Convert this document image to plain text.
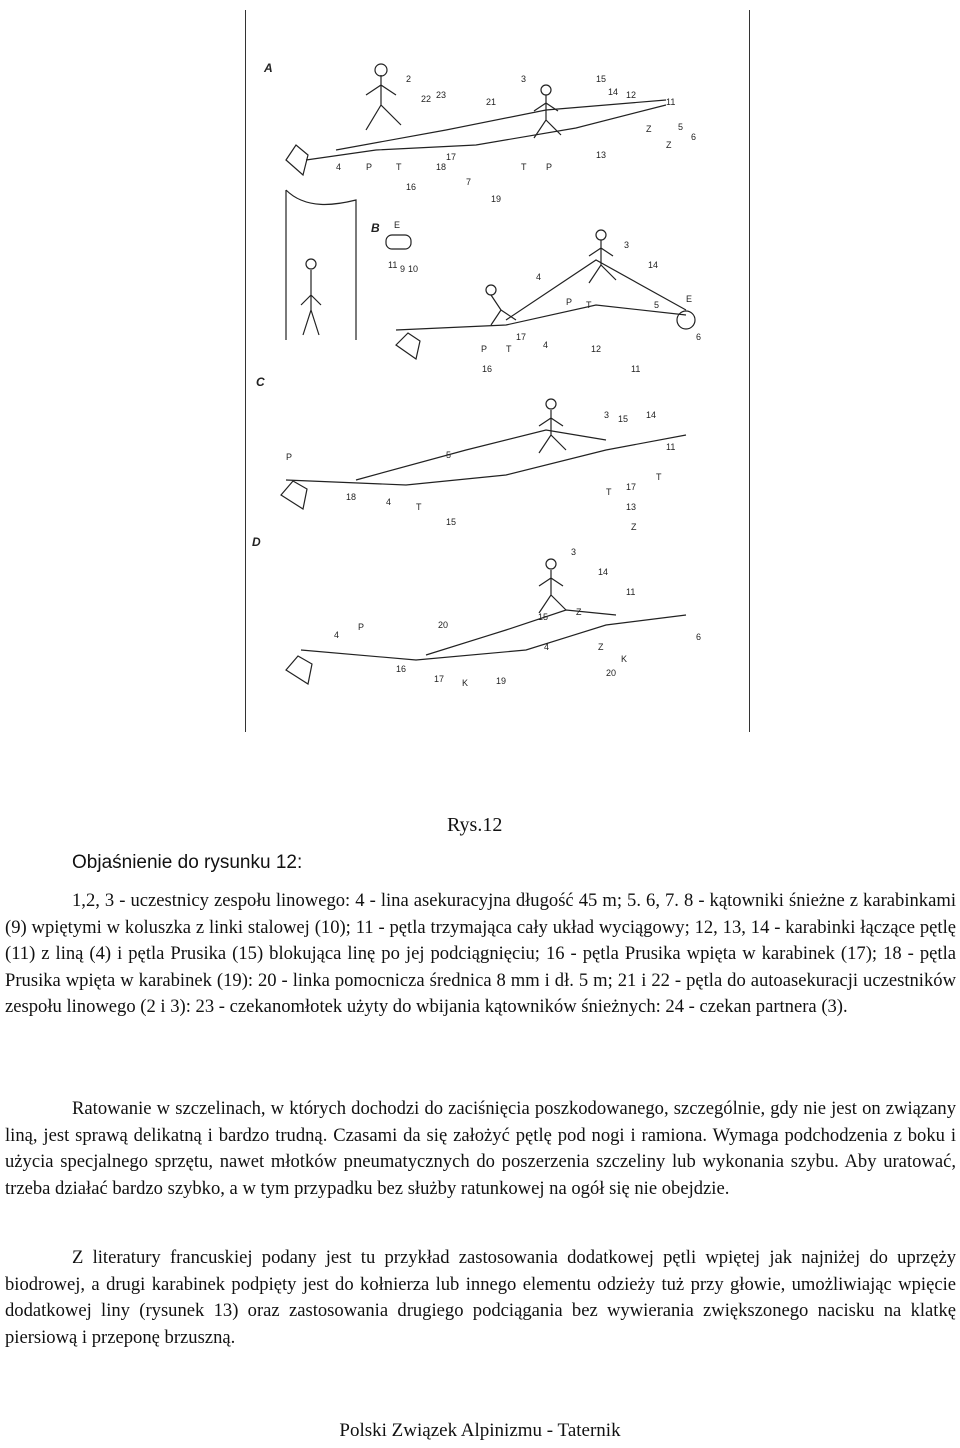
A
B
C
D
2
22 23
21
3	15
14 12
Z
11
5
6
4	P	T	18
17
T P
16	7
19
Z
13
E
11 9 10
3
14
5
P T
4
P T
17
4	12
11
16
6
E
P
3 15 14
11
5
18	4	T
15
T 17
13
Z
T
4
3
14
11
15	Z
20
4
P
16
17 K	19
Z
K
20
6
Rys.12
Objaśnienie do rysunku 12:

1,2, 3 - uczestnicy zespołu linowego: 4 - lina asekuracyjna długość 45 m; 5. 6, 7. 8 - kątowniki śnieżne z karabinkami (9) wpiętymi w koluszka z linki stalowej (10); 11 - pętla trzymająca cały układ wyciągowy; 12, 13, 14 - karabinki łączące pętlę (11) z liną (4) i pętla Prusika (15) blokująca linę po jej podciągnięciu; 16 - pętla Prusika wpięta w karabinek (17); 18 - pętla Prusika wpięta w karabinek (19): 20 - linka pomocnicza średnica 8 mm i dł. 5 m; 21 i 22 - pętla do autoasekuracji uczestników zespołu linowego (2 i 3): 23 - czekanomłotek użyty do wbijania kątowników śnieżnych: 24 - czekan partnera (3).

Ratowanie w szczelinach, w których dochodzi do zaciśnięcia poszkodowanego, szczególnie, gdy nie jest on związany liną, jest sprawą delikatną i bardzo trudną. Czasami da się założyć pętlę pod nogi i ramiona. Wymaga podchodzenia z boku i użycia specjalnego sprzętu, nawet młotków pneumatycznych do poszerzenia szczeliny lub wykonania szybu. Aby uratować, trzeba działać bardzo szybko, a w tym przypadku bez służby ratunkowej na ogół się nie obejdzie.

Z literatury francuskiej podany jest tu przykład zastosowania dodatkowej pętli wpiętej jak najniżej do uprzęży biodrowej, a drugi karabinek podpięty jest do kołnierza lub innego elementu odzieży tuż przy głowie, umożliwiając wpięcie dodatkowej liny (rysunek 13) oraz zastosowania drugiego podciągania bez wywierania zwiększonego nacisku na klatkę piersiową i przeponę brzuszną.

Polski Związek Alpinizmu - Taternik
